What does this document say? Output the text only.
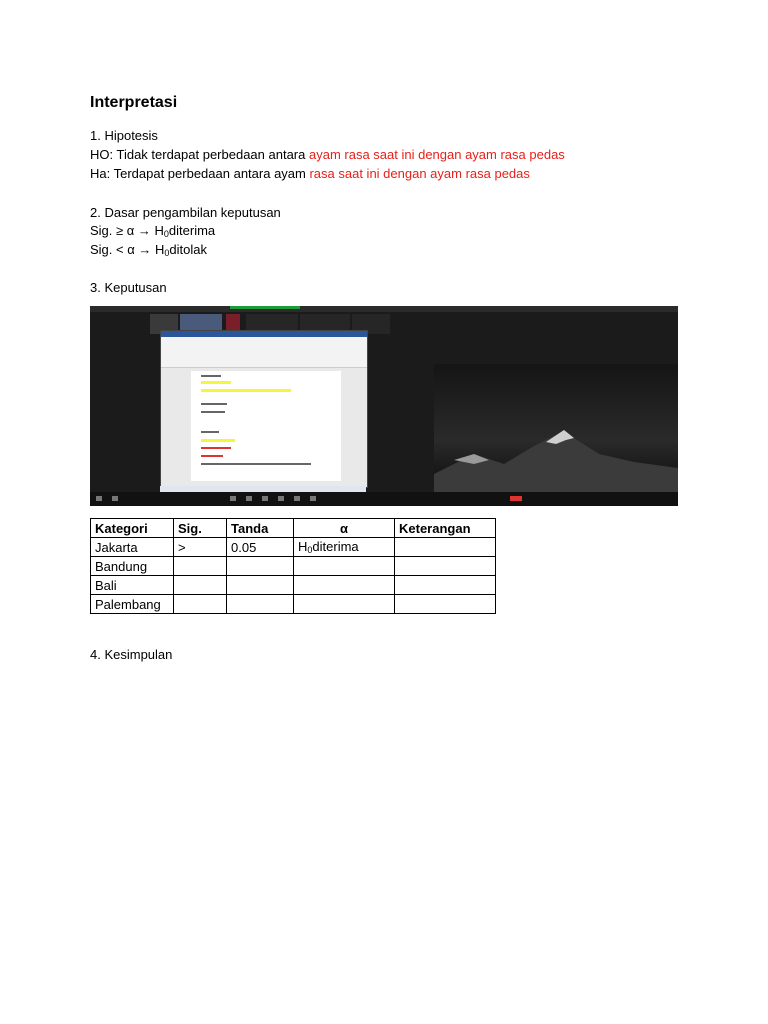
Interpretasi
1. Hipotesis
HO: Tidak terdapat perbedaan antara ayam rasa saat ini dengan ayam rasa pedas
Ha: Terdapat perbedaan antara ayam rasa saat ini dengan ayam rasa pedas
2. Dasar pengambilan keputusan
Sig. ≥ $\alpha \to H_0diterima$
Sig. < $\alpha \to H_0ditolak$
3. Keputusan
Kategori	Sig.	Tanda	α	Keterangan
Jakarta	>	0.05	$H_0diterima$	
Bandung				
Bali				
Palembang				
4. Kesimpulan
